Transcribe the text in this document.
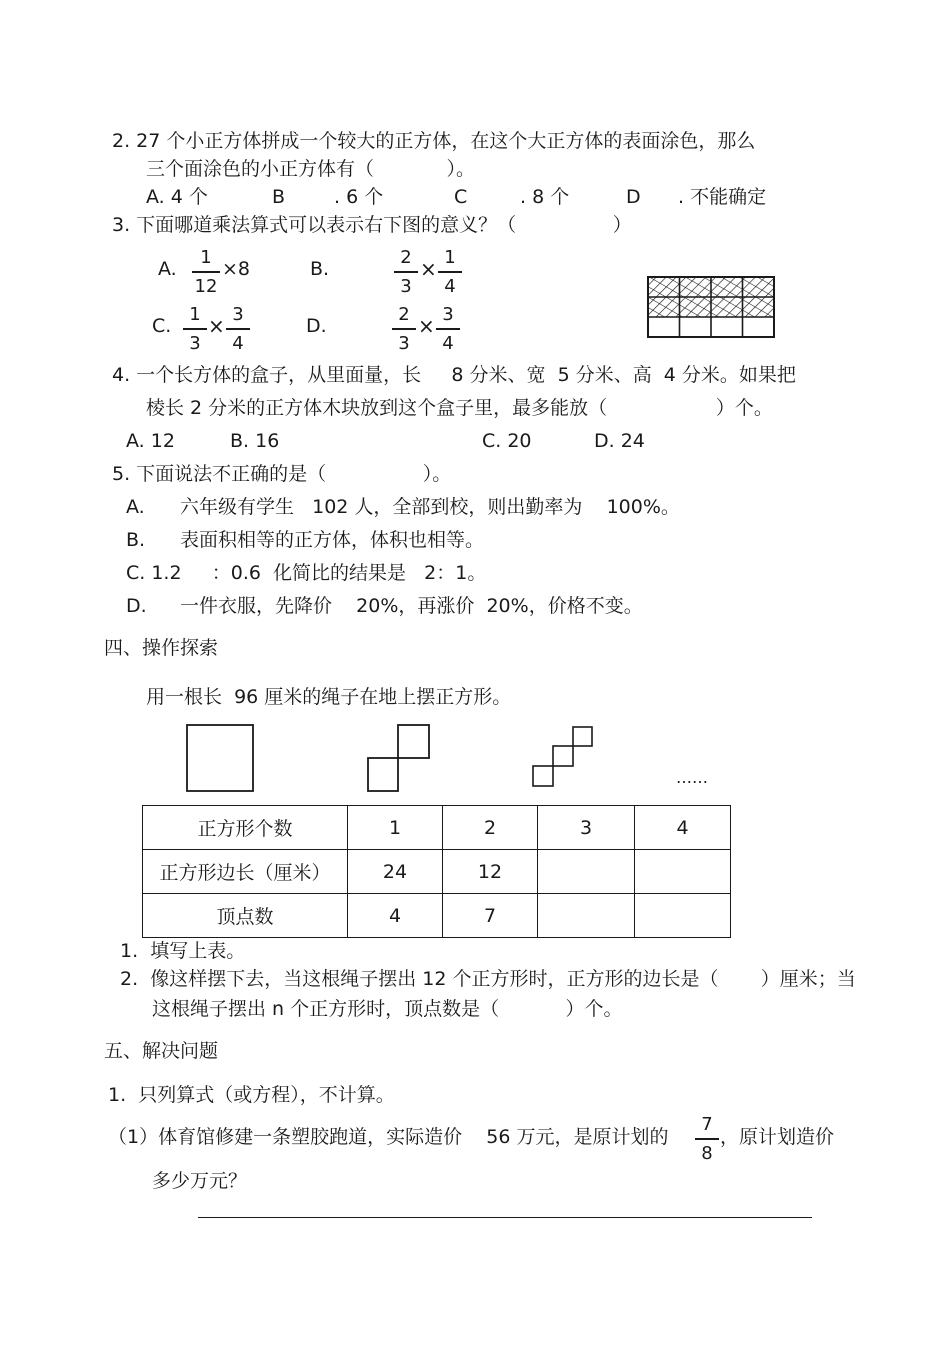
2. 27 个小正方体拼成一个较大的正方体，在这个大正方体的表面涂色，那么
三个面涂色的小正方体有（            ）。
A. 4 个	B	. 6 个	C	. 8 个	D . 不能确定
3. 下面哪道乘法算式可以表示右下图的意义？（                ）
A.
1
12
×8	B.
2
3
× 1
4
C.
1
3
× 3
4
D.
2
3
× 3
4
4. 一个长方体的盒子，从里面量，长     8 分米、宽  5 分米、高  4 分米。如果把
棱长 2 分米的正方体木块放到这个盒子里，最多能放（                  ）个。
A. 12	B. 16	C. 20	D. 24
5. 下面说法不正确的是（                ）。
A. 六年级有学生   102 人，全部到校，则出勤率为    100%。
B. 表面积相等的正方体，体积也相等。
C. 1.2     ：0.6  化简比的结果是   2：1。
D. 一件衣服，先降价    20%，再涨价  20%，价格不变。
四、操作探索
用一根长  96 厘米的绳子在地上摆正方形。
……
正方形个数	1	2	3	4
正方形边长（厘米）	24	12		
顶点数	4	7		
1.  填写上表。
2.  像这样摆下去，当这根绳子摆出 12 个正方形时，正方形的边长是（       ）厘米；当
这根绳子摆出 n 个正方形时，顶点数是（           ）个。
五、解决问题
1.  只列算式（或方程），不计算。
（1）体育馆修建一条塑胶跑道，实际造价    56 万元，是原计划的
7
8
，原计划造价
多少万元？
